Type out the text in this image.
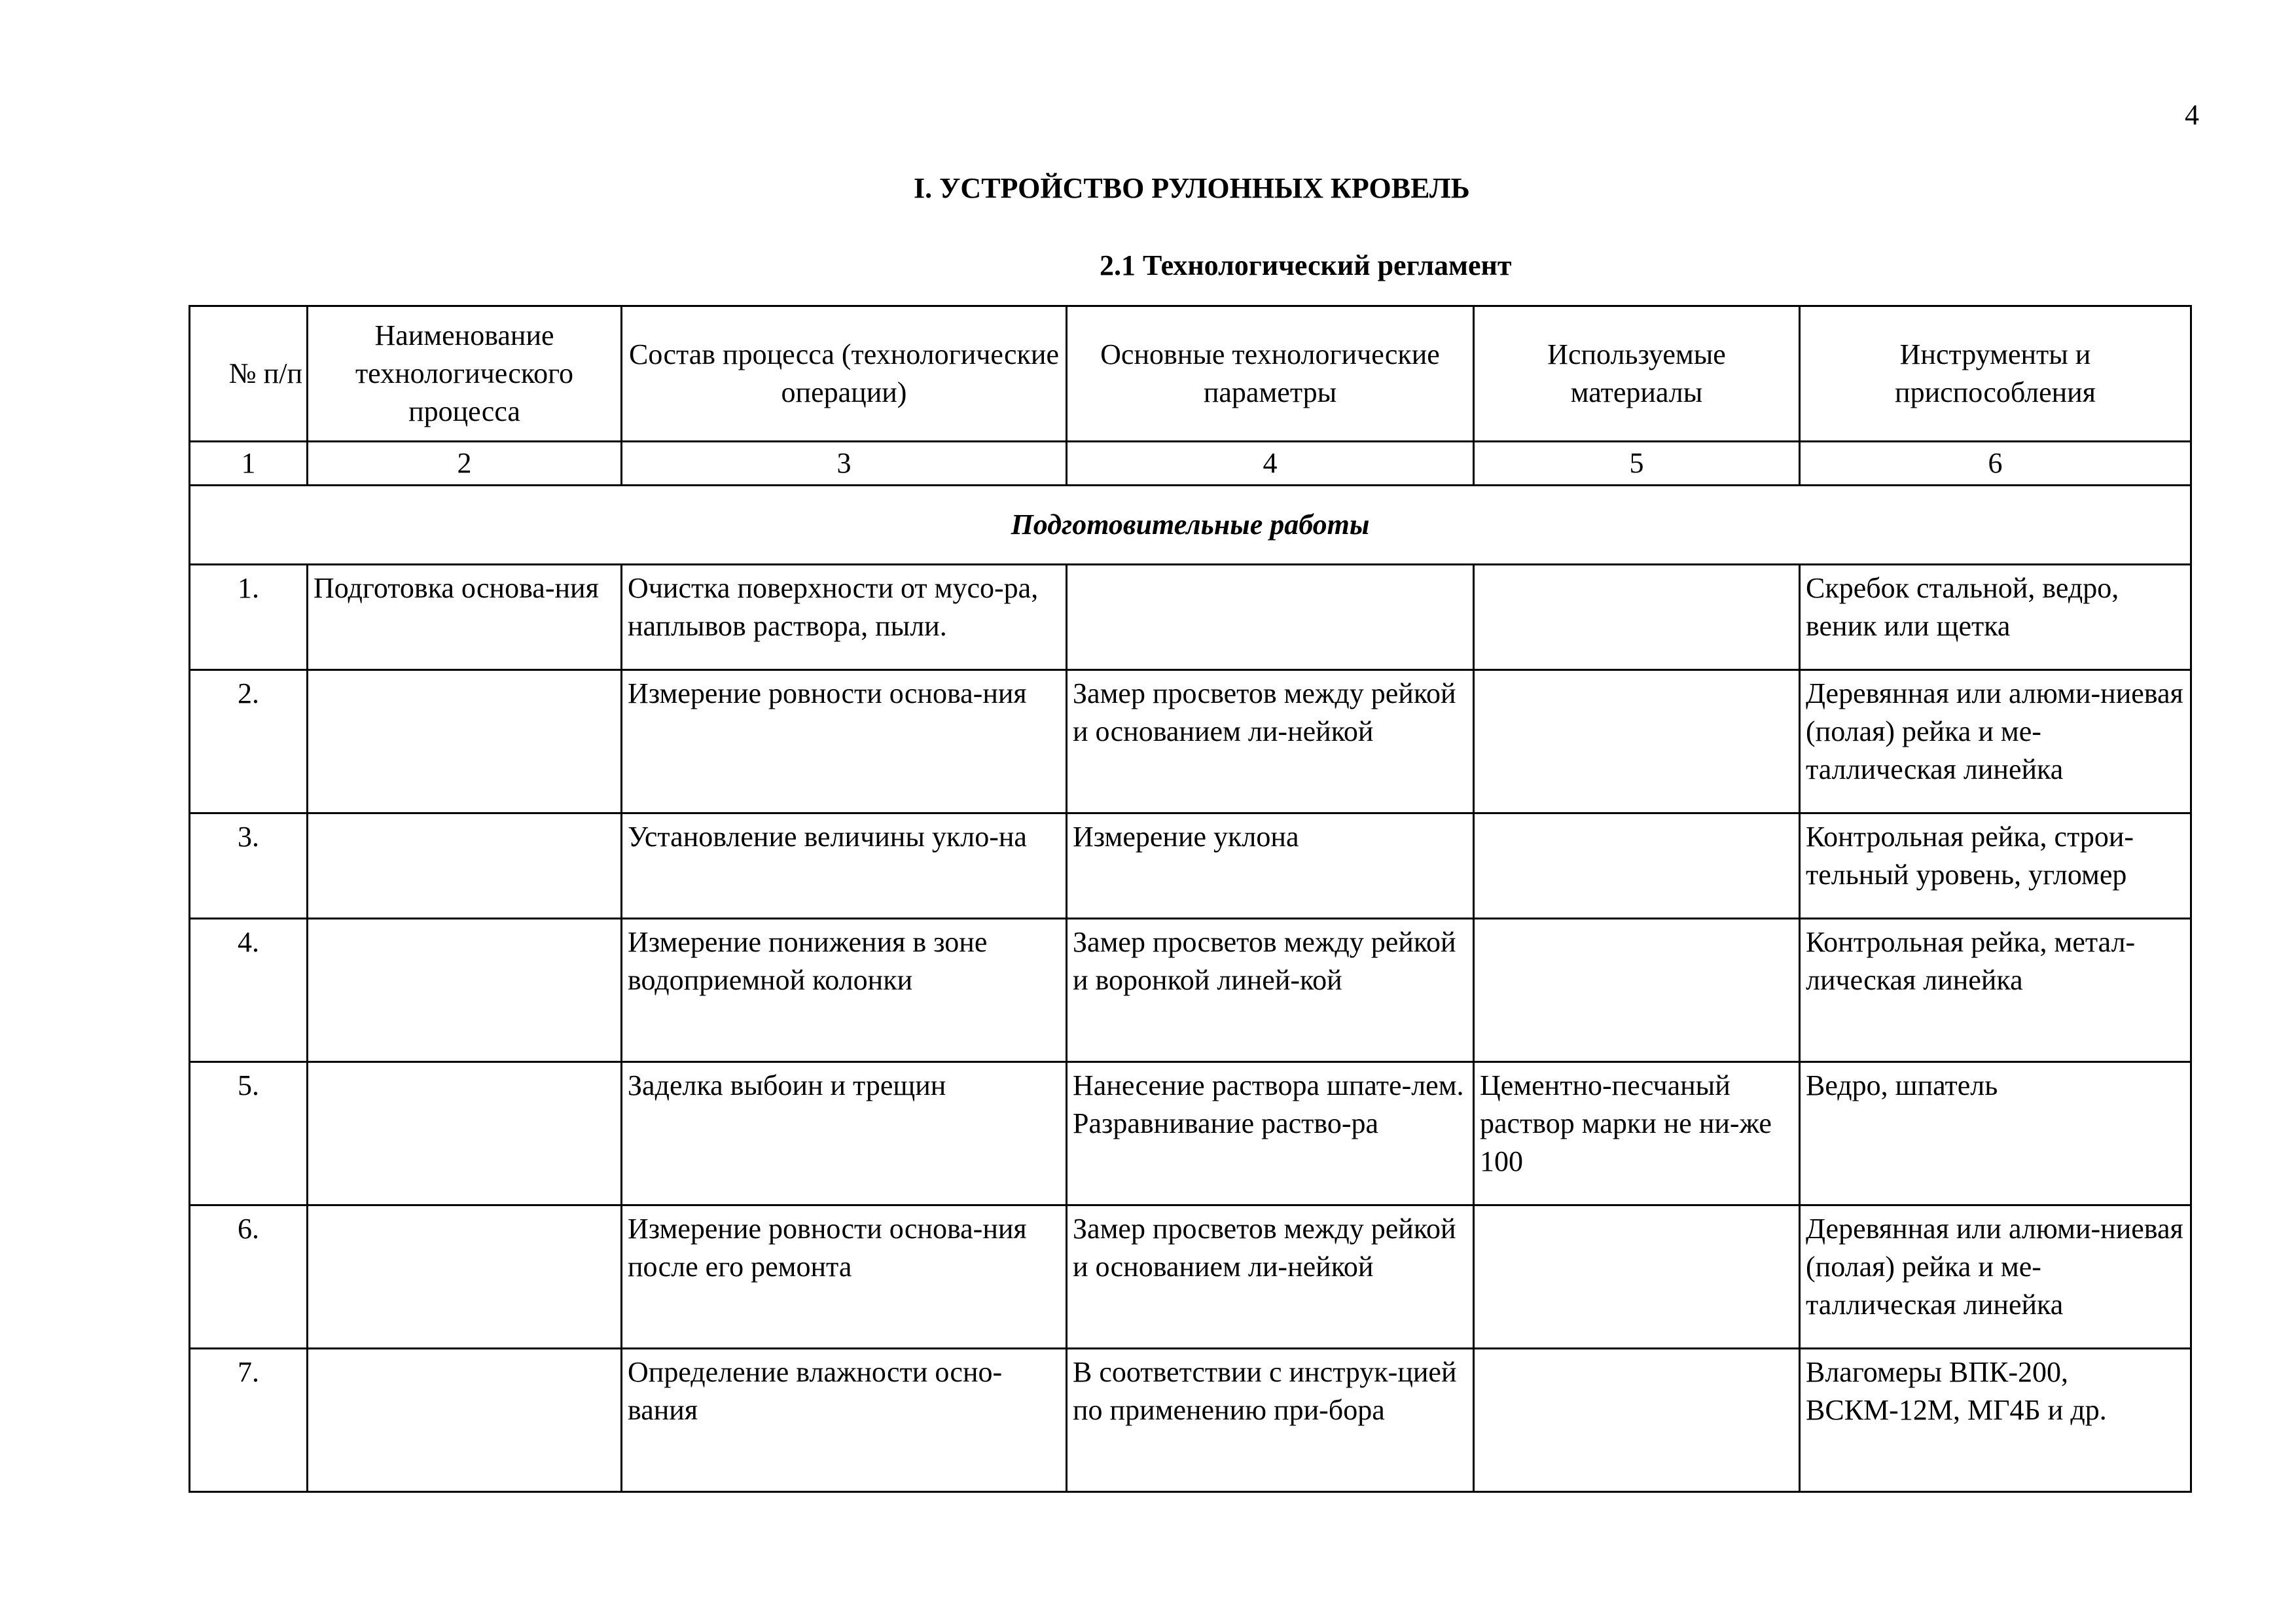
4
I. УСТРОЙСТВО РУЛОННЫХ КРОВЕЛЬ
2.1 Технологический регламент
№ п/п	Наименование технологического процесса	Состав процесса (технологические операции)	Основные технологические параметры	Используемые материалы	Инструменты и приспособления
1	2	3	4	5	6
Подготовительные работы					
1.	Подготовка основа-ния	Очистка поверхности от мусо-ра, наплывов раствора, пыли.			Скребок стальной, ведро, веник или щетка
2.		Измерение ровности основа-ния	Замер просветов между рейкой и основанием ли-нейкой		Деревянная или алюми-ниевая (полая) рейка и ме-таллическая линейка
3.		Установление величины укло-на	Измерение уклона		Контрольная рейка, строи-тельный уровень, угломер
4.		Измерение понижения в зоне водоприемной колонки	Замер просветов между рейкой и воронкой линей-кой		Контрольная рейка, метал-лическая линейка
5.		Заделка выбоин и трещин	Нанесение раствора шпате-лем. Разравнивание раство-ра	Цементно-песчаный раствор марки не ни-же 100	Ведро, шпатель
6.		Измерение ровности основа-ния после его ремонта	Замер просветов между рейкой и основанием ли-нейкой		Деревянная или алюми-ниевая (полая) рейка и ме-таллическая линейка
7.		Определение влажности осно-вания	В соответствии с инструк-цией по применению при-бора		Влагомеры ВПК-200, ВСКМ-12М, МГ4Б и др.
